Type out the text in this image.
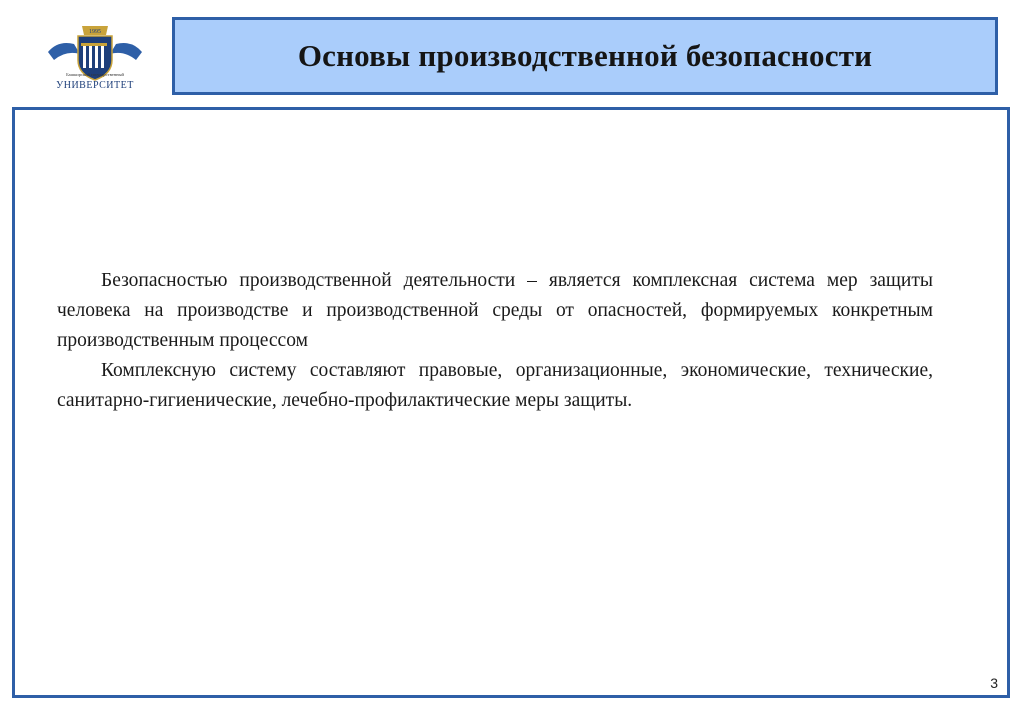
1995
Башкирский государственный
УНИВЕРСИТЕТ
Основы производственной безопасности

Безопасностью производственной деятельности – является комплексная система мер защиты человека на производстве и производственной среды от опасностей, формируемых конкретным производственным процессом

Комплексную систему составляют правовые, организационные, экономические, технические, санитарно-гигиенические, лечебно-профилактические меры защиты.

3
